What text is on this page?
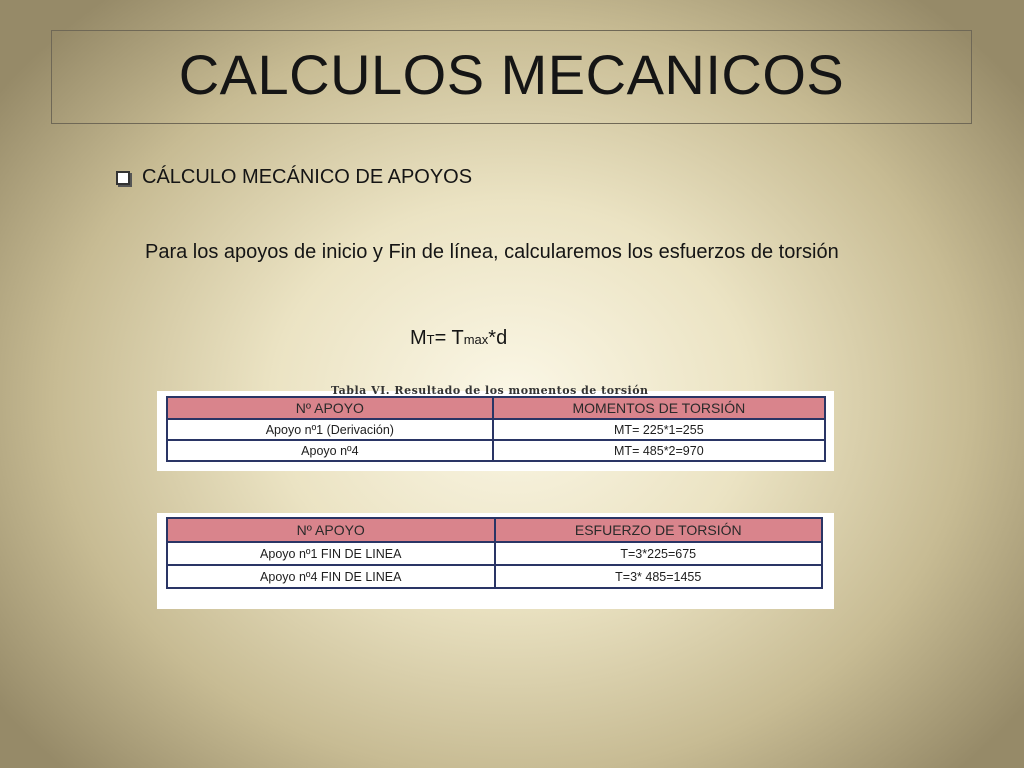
CALCULOS MECANICOS
CÁLCULO MECÁNICO DE APOYOS
Para los apoyos de inicio y Fin de línea, calcularemos los esfuerzos de torsión
MT= Tmax*d
Tabla VI. Resultado de los momentos de torsión
Nº APOYO	MOMENTOS DE TORSIÓN
Apoyo nº1 (Derivación)	MT= 225*1=255
Apoyo nº4	MT= 485*2=970
Nº APOYO	ESFUERZO DE TORSIÓN
Apoyo nº1 FIN DE LINEA	T=3*225=675
Apoyo nº4 FIN DE LINEA	T=3* 485=1455
